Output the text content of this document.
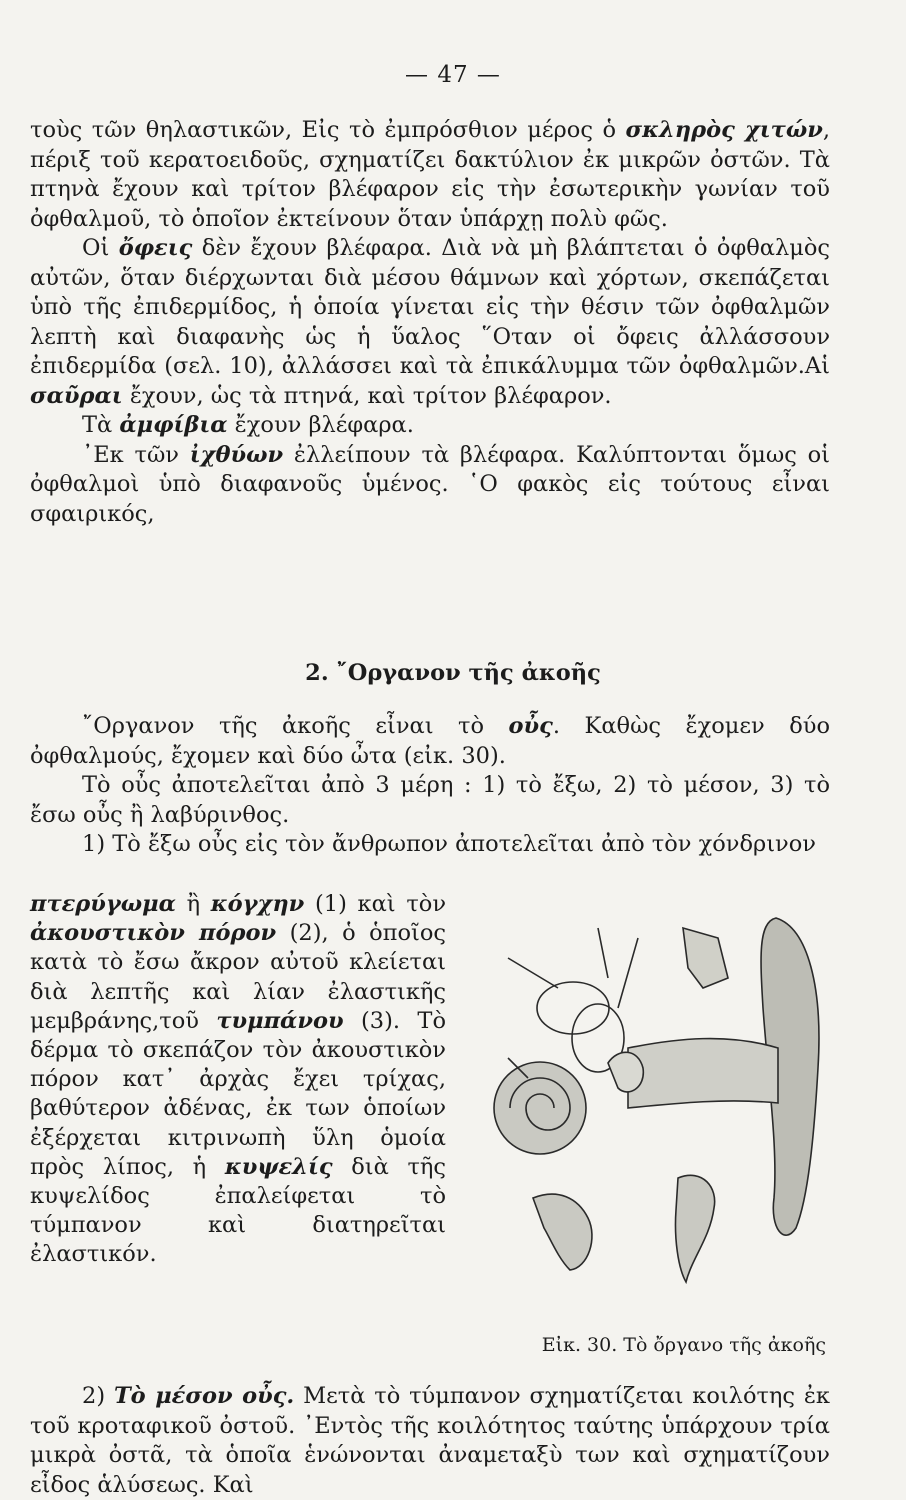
— 47 —

τοὺς τῶν θηλαστικῶν, Εἰς τὸ ἐμπρόσθιον μέρος ὁ σκληρὸς χιτών, πέριξ τοῦ κερατοειδοῦς, σχηματίζει δακτύλιον ἐκ μικρῶν ὀστῶν. Τὰ πτηνὰ ἔχουν καὶ τρίτον βλέφαρον εἰς τὴν ἐσωτερικὴν γωνίαν τοῦ ὀφθαλμοῦ, τὸ ὁποῖον ἐκτείνουν ὅταν ὑπάρχῃ πολὺ φῶς.

Οἱ ὄφεις δὲν ἔχουν βλέφαρα. Διὰ νὰ μὴ βλάπτεται ὁ ὀφθαλμὸς αὐτῶν, ὅταν διέρχωνται διὰ μέσου θάμνων καὶ χόρτων, σκεπάζεται ὑπὸ τῆς ἐπιδερμίδος, ἡ ὁποία γίνεται εἰς τὴν θέσιν τῶν ὀφθαλμῶν λεπτὴ καὶ διαφανὴς ὡς ἡ ὕαλος ῞Οταν οἱ ὄφεις ἀλλάσσουν ἐπιδερμίδα (σελ. 10), ἀλλάσσει καὶ τὰ ἐπικάλυμμα τῶν ὀφθαλμῶν.Αἱ σαῦραι ἔχουν, ὡς τὰ πτηνά, καὶ τρίτον βλέφαρον.

Τὰ ἀμφίβια ἔχουν βλέφαρα.

᾿Εκ τῶν ἰχθύων ἐλλείπουν τὰ βλέφαρα. Καλύπτονται ὅμως οἱ ὀφθαλμοὶ ὑπὸ διαφανοῦς ὑμένος. ῾Ο φακὸς εἰς τούτους εἶναι σφαιρικός,

2. ῎Οργανον τῆς ἀκοῆς

῎Οργανον τῆς ἀκοῆς εἶναι τὸ οὖς. Καθὼς ἔχομεν δύο ὀφθαλμούς, ἔχομεν καὶ δύο ὦτα (εἰκ. 30).

Τὸ οὖς ἀποτελεῖται ἀπὸ 3 μέρη : 1) τὸ ἔξω, 2) τὸ μέσον, 3) τὸ ἔσω οὖς ἢ λαβύρινθος.

1) Τὸ ἔξω οὖς εἰς τὸν ἄνθρωπον ἀποτελεῖται ἀπὸ τὸν χόνδρινον

πτερύγωμα ἢ κόγχην (1) καὶ τὸν ἀκουστικὸν πόρον (2), ὁ ὁποῖος κατὰ τὸ ἔσω ἄκρον αὐτοῦ κλείεται διὰ λεπτῆς καὶ λίαν ἐλαστικῆς μεμβράνης,τοῦ τυμπάνου (3). Τὸ δέρμα τὸ σκεπάζον τὸν ἀκουστικὸν πόρον κατ᾽ ἀρχὰς ἔχει τρίχας, βαθύτερον ἀδένας, ἐκ των ὁποίων ἐξέρχεται κιτρινωπὴ ὕλη ὁμοία πρὸς λίπος, ἡ κυψελίς διὰ τῆς κυψελίδος ἐπαλείφεται τὸ τύμπανον καὶ διατηρεῖται ἐλαστικόν.

Εἰκ. 30. Τὸ ὄργανο τῆς ἀκοῆς

2) Τὸ μέσον οὖς. Μετὰ τὸ τύμπανον σχηματίζεται κοιλότης ἐκ τοῦ κροταφικοῦ ὀστοῦ. ᾿Εντὸς τῆς κοιλότητος ταύτης ὑπάρχουν τρία μικρὰ ὀστᾶ, τὰ ὁποῖα ἑνώνονται ἀναμεταξὺ των καὶ σχηματίζουν εἶδος ἁλύσεως. Καὶ
